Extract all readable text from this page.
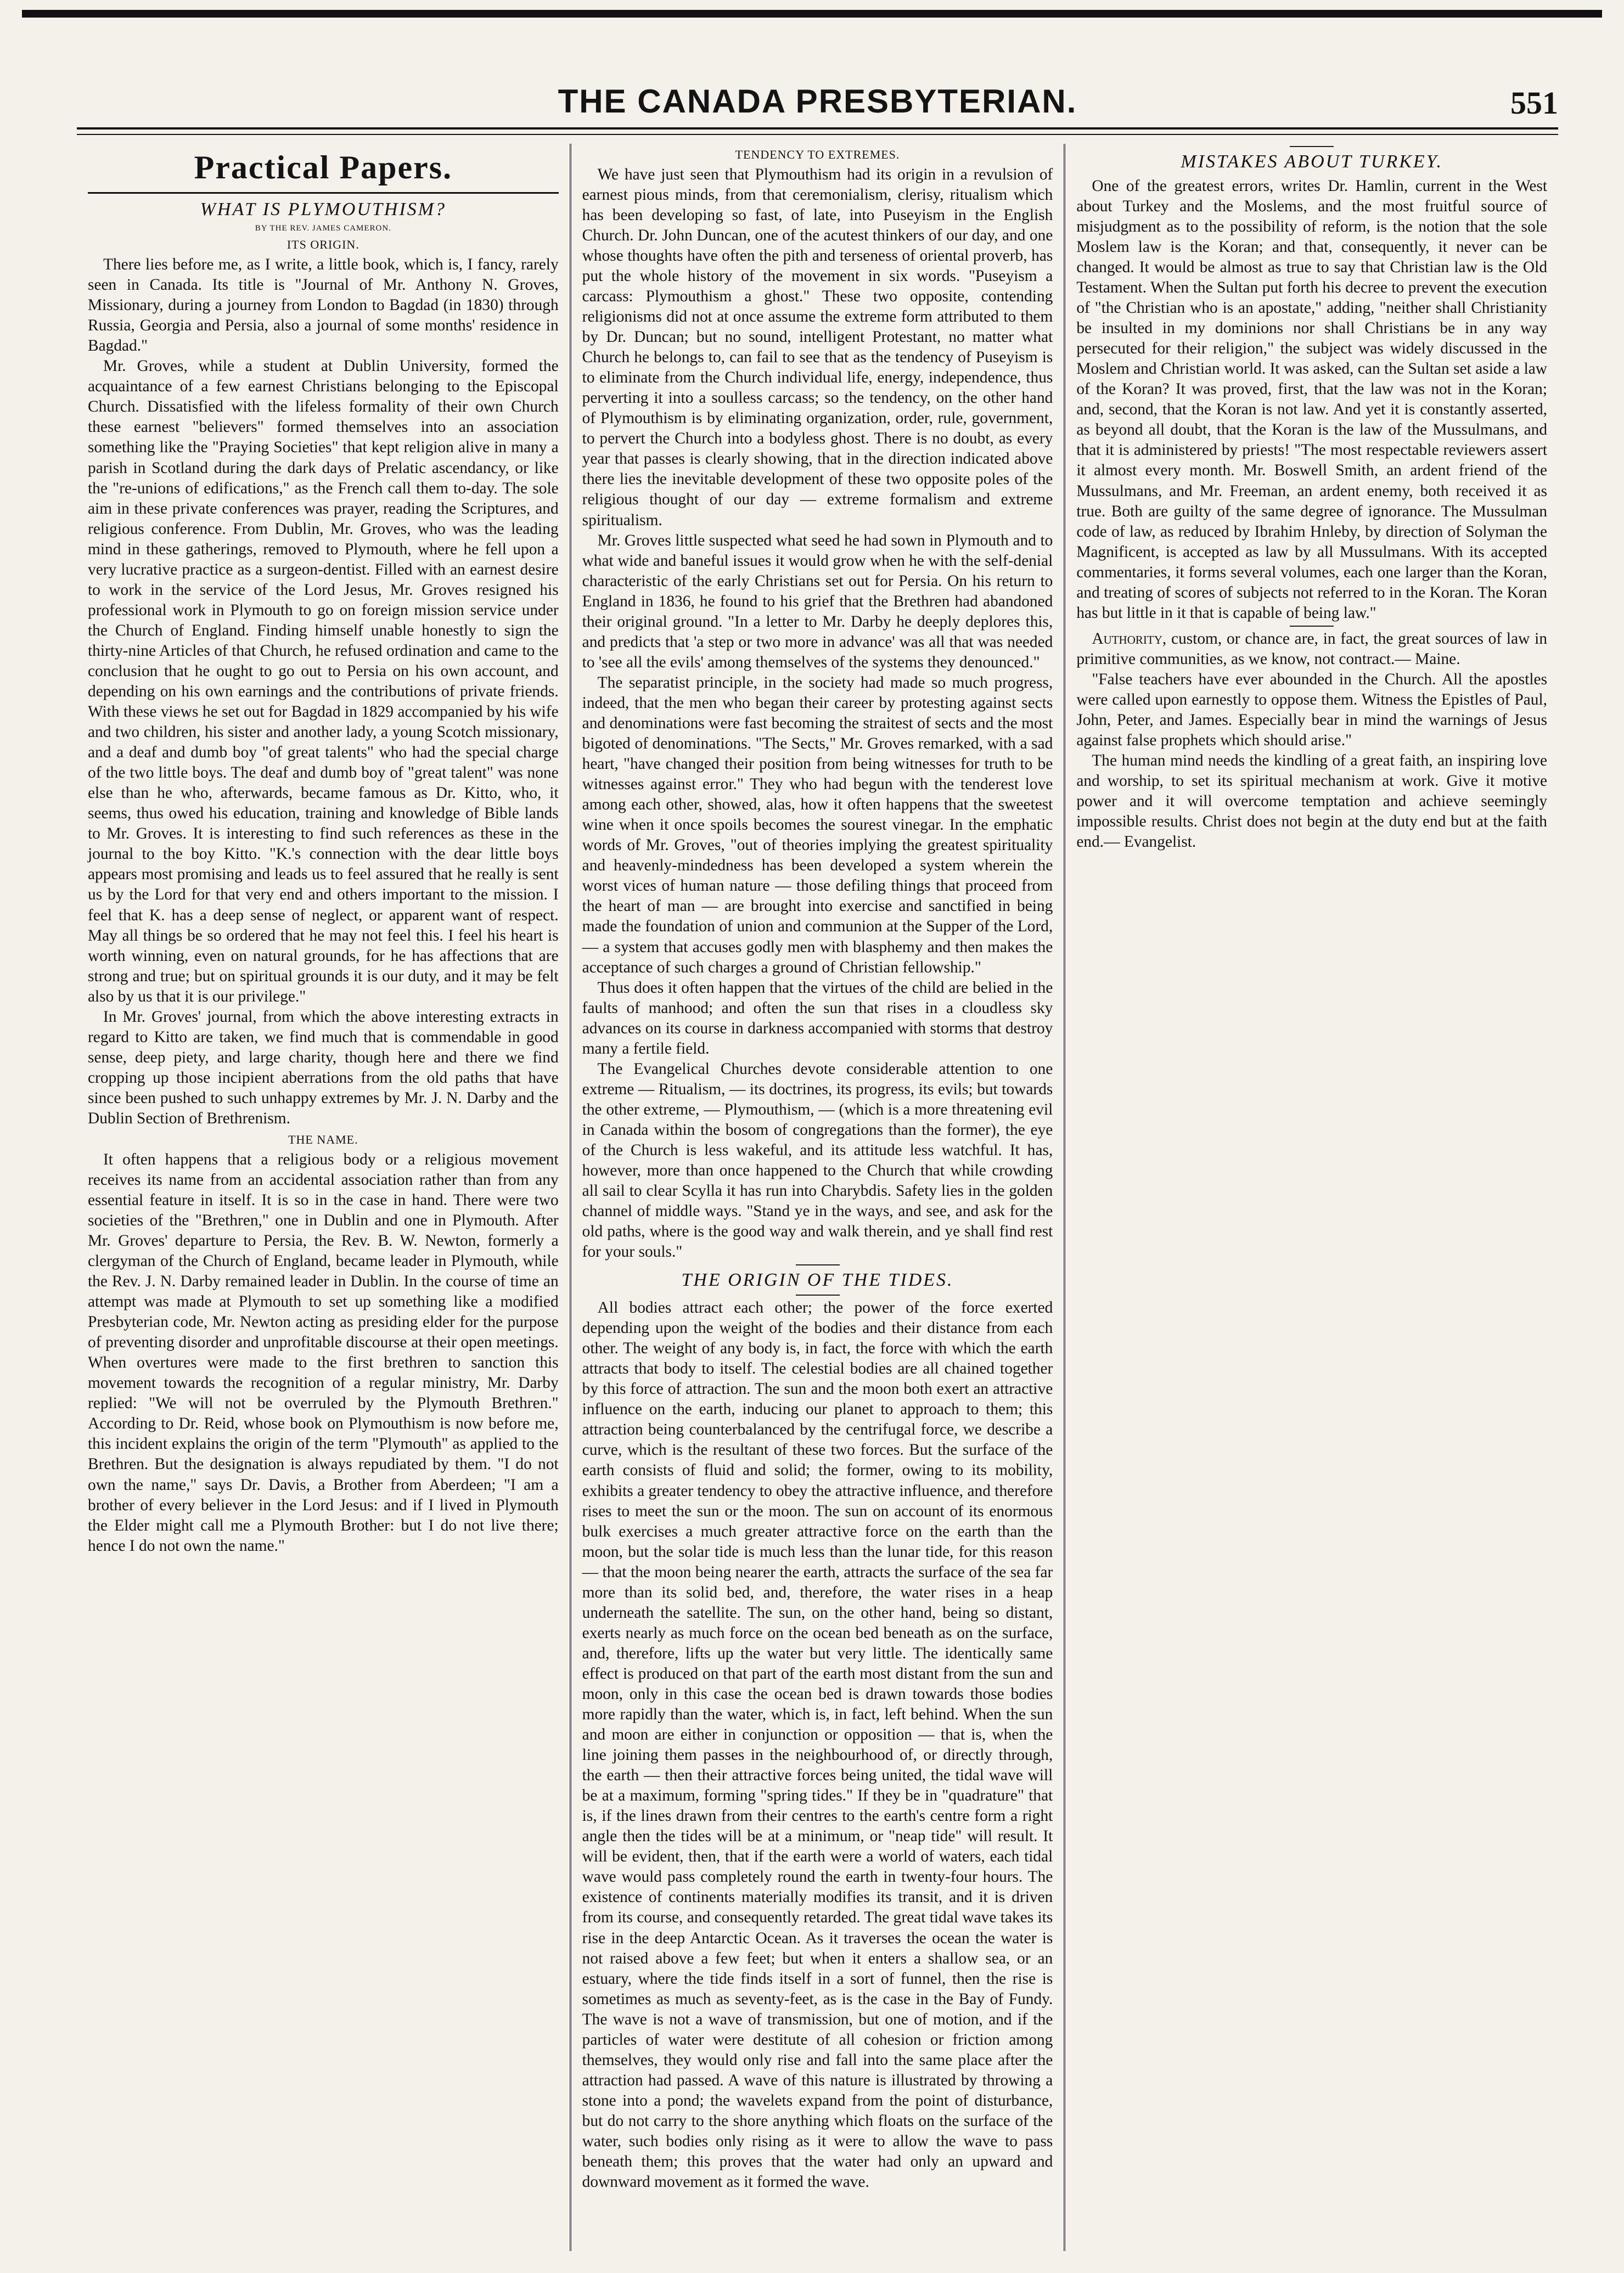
THE CANADA PRESBYTERIAN.	551
Practical Papers.
WHAT IS PLYMOUTHISM?
BY THE REV. JAMES CAMERON.
ITS ORIGIN.

There lies before me, as I write, a little book, which is, I fancy, rarely seen in Canada. Its title is "Journal of Mr. Anthony N. Groves, Missionary, during a journey from London to Bagdad (in 1830) through Russia, Georgia and Persia, also a journal of some months' residence in Bagdad."

Mr. Groves, while a student at Dublin University, formed the acquaintance of a few earnest Christians belonging to the Episcopal Church. Dissatisfied with the lifeless formality of their own Church these earnest "believers" formed themselves into an association something like the "Praying Societies" that kept religion alive in many a parish in Scotland during the dark days of Prelatic ascendancy, or like the "re-unions of edifications," as the French call them to-day. The sole aim in these private conferences was prayer, reading the Scriptures, and religious conference. From Dublin, Mr. Groves, who was the leading mind in these gatherings, removed to Plymouth, where he fell upon a very lucrative practice as a surgeon-dentist. Filled with an earnest desire to work in the service of the Lord Jesus, Mr. Groves resigned his professional work in Plymouth to go on foreign mission service under the Church of England. Finding himself unable honestly to sign the thirty-nine Articles of that Church, he refused ordination and came to the conclusion that he ought to go out to Persia on his own account, and depending on his own earnings and the contributions of private friends. With these views he set out for Bagdad in 1829 accompanied by his wife and two children, his sister and another lady, a young Scotch missionary, and a deaf and dumb boy "of great talents" who had the special charge of the two little boys. The deaf and dumb boy of "great talent" was none else than he who, afterwards, became famous as Dr. Kitto, who, it seems, thus owed his education, training and knowledge of Bible lands to Mr. Groves. It is interesting to find such references as these in the journal to the boy Kitto. "K.'s connection with the dear little boys appears most promising and leads us to feel assured that he really is sent us by the Lord for that very end and others important to the mission. I feel that K. has a deep sense of neglect, or apparent want of respect. May all things be so ordered that he may not feel this. I feel his heart is worth winning, even on natural grounds, for he has affections that are strong and true; but on spiritual grounds it is our duty, and it may be felt also by us that it is our privilege."

In Mr. Groves' journal, from which the above interesting extracts in regard to Kitto are taken, we find much that is commendable in good sense, deep piety, and large charity, though here and there we find cropping up those incipient aberrations from the old paths that have since been pushed to such unhappy extremes by Mr. J. N. Darby and the Dublin Section of Brethrenism.

THE NAME.

It often happens that a religious body or a religious movement receives its name from an accidental association rather than from any essential feature in itself. It is so in the case in hand. There were two societies of the "Brethren," one in Dublin and one in Plymouth. After Mr. Groves' departure to Persia, the Rev. B. W. Newton, formerly a clergyman of the Church of England, became leader in Plymouth, while the Rev. J. N. Darby remained leader in Dublin. In the course of time an attempt was made at Plymouth to set up something like a modified Presbyterian code, Mr. Newton acting as presiding elder for the purpose of preventing disorder and unprofitable discourse at their open meetings. When overtures were made to the first brethren to sanction this movement towards the recognition of a regular ministry, Mr. Darby replied: "We will not be overruled by the Plymouth Brethren." According to Dr. Reid, whose book on Plymouthism is now before me, this incident explains the origin of the term "Plymouth" as applied to the Brethren. But the designation is always repudiated by them. "I do not own the name," says Dr. Davis, a Brother from Aberdeen; "I am a brother of every believer in the Lord Jesus: and if I lived in Plymouth the Elder might call me a Plymouth Brother: but I do not live there; hence I do not own the name."

TENDENCY TO EXTREMES.

We have just seen that Plymouthism had its origin in a revulsion of earnest pious minds, from that ceremonialism, clerisy, ritualism which has been developing so fast, of late, into Puseyism in the English Church. Dr. John Duncan, one of the acutest thinkers of our day, and one whose thoughts have often the pith and terseness of oriental proverb, has put the whole history of the movement in six words. "Puseyism a carcass: Plymouthism a ghost." These two opposite, contending religionisms did not at once assume the extreme form attributed to them by Dr. Duncan; but no sound, intelligent Protestant, no matter what Church he belongs to, can fail to see that as the tendency of Puseyism is to eliminate from the Church individual life, energy, independence, thus perverting it into a soulless carcass; so the tendency, on the other hand of Plymouthism is by eliminating organization, order, rule, government, to pervert the Church into a bodyless ghost. There is no doubt, as every year that passes is clearly showing, that in the direction indicated above there lies the inevitable development of these two opposite poles of the religious thought of our day — extreme formalism and extreme spiritualism.

Mr. Groves little suspected what seed he had sown in Plymouth and to what wide and baneful issues it would grow when he with the self-denial characteristic of the early Christians set out for Persia. On his return to England in 1836, he found to his grief that the Brethren had abandoned their original ground. "In a letter to Mr. Darby he deeply deplores this, and predicts that 'a step or two more in advance' was all that was needed to 'see all the evils' among themselves of the systems they denounced."

The separatist principle, in the society had made so much progress, indeed, that the men who began their career by protesting against sects and denominations were fast becoming the straitest of sects and the most bigoted of denominations. "The Sects," Mr. Groves remarked, with a sad heart, "have changed their position from being witnesses for truth to be witnesses against error." They who had begun with the tenderest love among each other, showed, alas, how it often happens that the sweetest wine when it once spoils becomes the sourest vinegar. In the emphatic words of Mr. Groves, "out of theories implying the greatest spirituality and heavenly-mindedness has been developed a system wherein the worst vices of human nature — those defiling things that proceed from the heart of man — are brought into exercise and sanctified in being made the foundation of union and communion at the Supper of the Lord, — a system that accuses godly men with blasphemy and then makes the acceptance of such charges a ground of Christian fellowship."

Thus does it often happen that the virtues of the child are belied in the faults of manhood; and often the sun that rises in a cloudless sky advances on its course in darkness accompanied with storms that destroy many a fertile field.

The Evangelical Churches devote considerable attention to one extreme — Ritualism, — its doctrines, its progress, its evils; but towards the other extreme, — Plymouthism, — (which is a more threatening evil in Canada within the bosom of congregations than the former), the eye of the Church is less wakeful, and its attitude less watchful. It has, however, more than once happened to the Church that while crowding all sail to clear Scylla it has run into Charybdis. Safety lies in the golden channel of middle ways. "Stand ye in the ways, and see, and ask for the old paths, where is the good way and walk therein, and ye shall find rest for your souls."

THE ORIGIN OF THE TIDES.

All bodies attract each other; the power of the force exerted depending upon the weight of the bodies and their distance from each other. The weight of any body is, in fact, the force with which the earth attracts that body to itself. The celestial bodies are all chained together by this force of attraction. The sun and the moon both exert an attractive influence on the earth, inducing our planet to approach to them; this attraction being counterbalanced by the centrifugal force, we describe a curve, which is the resultant of these two forces. But the surface of the earth consists of fluid and solid; the former, owing to its mobility, exhibits a greater tendency to obey the attractive influence, and therefore rises to meet the sun or the moon. The sun on account of its enormous bulk exercises a much greater attractive force on the earth than the moon, but the solar tide is much less than the lunar tide, for this reason — that the moon being nearer the earth, attracts the surface of the sea far more than its solid bed, and, therefore, the water rises in a heap underneath the satellite. The sun, on the other hand, being so distant, exerts nearly as much force on the ocean bed beneath as on the surface, and, therefore, lifts up the water but very little. The identically same effect is produced on that part of the earth most distant from the sun and moon, only in this case the ocean bed is drawn towards those bodies more rapidly than the water, which is, in fact, left behind. When the sun and moon are either in conjunction or opposition — that is, when the line joining them passes in the neighbourhood of, or directly through, the earth — then their attractive forces being united, the tidal wave will be at a maximum, forming "spring tides." If they be in "quadrature" that is, if the lines drawn from their centres to the earth's centre form a right angle then the tides will be at a minimum, or "neap tide" will result. It will be evident, then, that if the earth were a world of waters, each tidal wave would pass completely round the earth in twenty-four hours. The existence of continents materially modifies its transit, and it is driven from its course, and consequently retarded. The great tidal wave takes its rise in the deep Antarctic Ocean. As it traverses the ocean the water is not raised above a few feet; but when it enters a shallow sea, or an estuary, where the tide finds itself in a sort of funnel, then the rise is sometimes as much as seventy-feet, as is the case in the Bay of Fundy. The wave is not a wave of transmission, but one of motion, and if the particles of water were destitute of all cohesion or friction among themselves, they would only rise and fall into the same place after the attraction had passed. A wave of this nature is illustrated by throwing a stone into a pond; the wavelets expand from the point of disturbance, but do not carry to the shore anything which floats on the surface of the water, such bodies only rising as it were to allow the wave to pass beneath them; this proves that the water had only an upward and downward movement as it formed the wave.

MISTAKES ABOUT TURKEY.

One of the greatest errors, writes Dr. Hamlin, current in the West about Turkey and the Moslems, and the most fruitful source of misjudgment as to the possibility of reform, is the notion that the sole Moslem law is the Koran; and that, consequently, it never can be changed. It would be almost as true to say that Christian law is the Old Testament. When the Sultan put forth his decree to prevent the execution of "the Christian who is an apostate," adding, "neither shall Christianity be insulted in my dominions nor shall Christians be in any way persecuted for their religion," the subject was widely discussed in the Moslem and Christian world. It was asked, can the Sultan set aside a law of the Koran? It was proved, first, that the law was not in the Koran; and, second, that the Koran is not law. And yet it is constantly asserted, as beyond all doubt, that the Koran is the law of the Mussulmans, and that it is administered by priests! "The most respectable reviewers assert it almost every month. Mr. Boswell Smith, an ardent friend of the Mussulmans, and Mr. Freeman, an ardent enemy, both received it as true. Both are guilty of the same degree of ignorance. The Mussulman code of law, as reduced by Ibrahim Hnleby, by direction of Solyman the Magnificent, is accepted as law by all Mussulmans. With its accepted commentaries, it forms several volumes, each one larger than the Koran, and treating of scores of subjects not referred to in the Koran. The Koran has but little in it that is capable of being law."

Authority, custom, or chance are, in fact, the great sources of law in primitive communities, as we know, not contract.— Maine.

"False teachers have ever abounded in the Church. All the apostles were called upon earnestly to oppose them. Witness the Epistles of Paul, John, Peter, and James. Especially bear in mind the warnings of Jesus against false prophets which should arise."

The human mind needs the kindling of a great faith, an inspiring love and worship, to set its spiritual mechanism at work. Give it motive power and it will overcome temptation and achieve seemingly impossible results. Christ does not begin at the duty end but at the faith end.— Evangelist.
